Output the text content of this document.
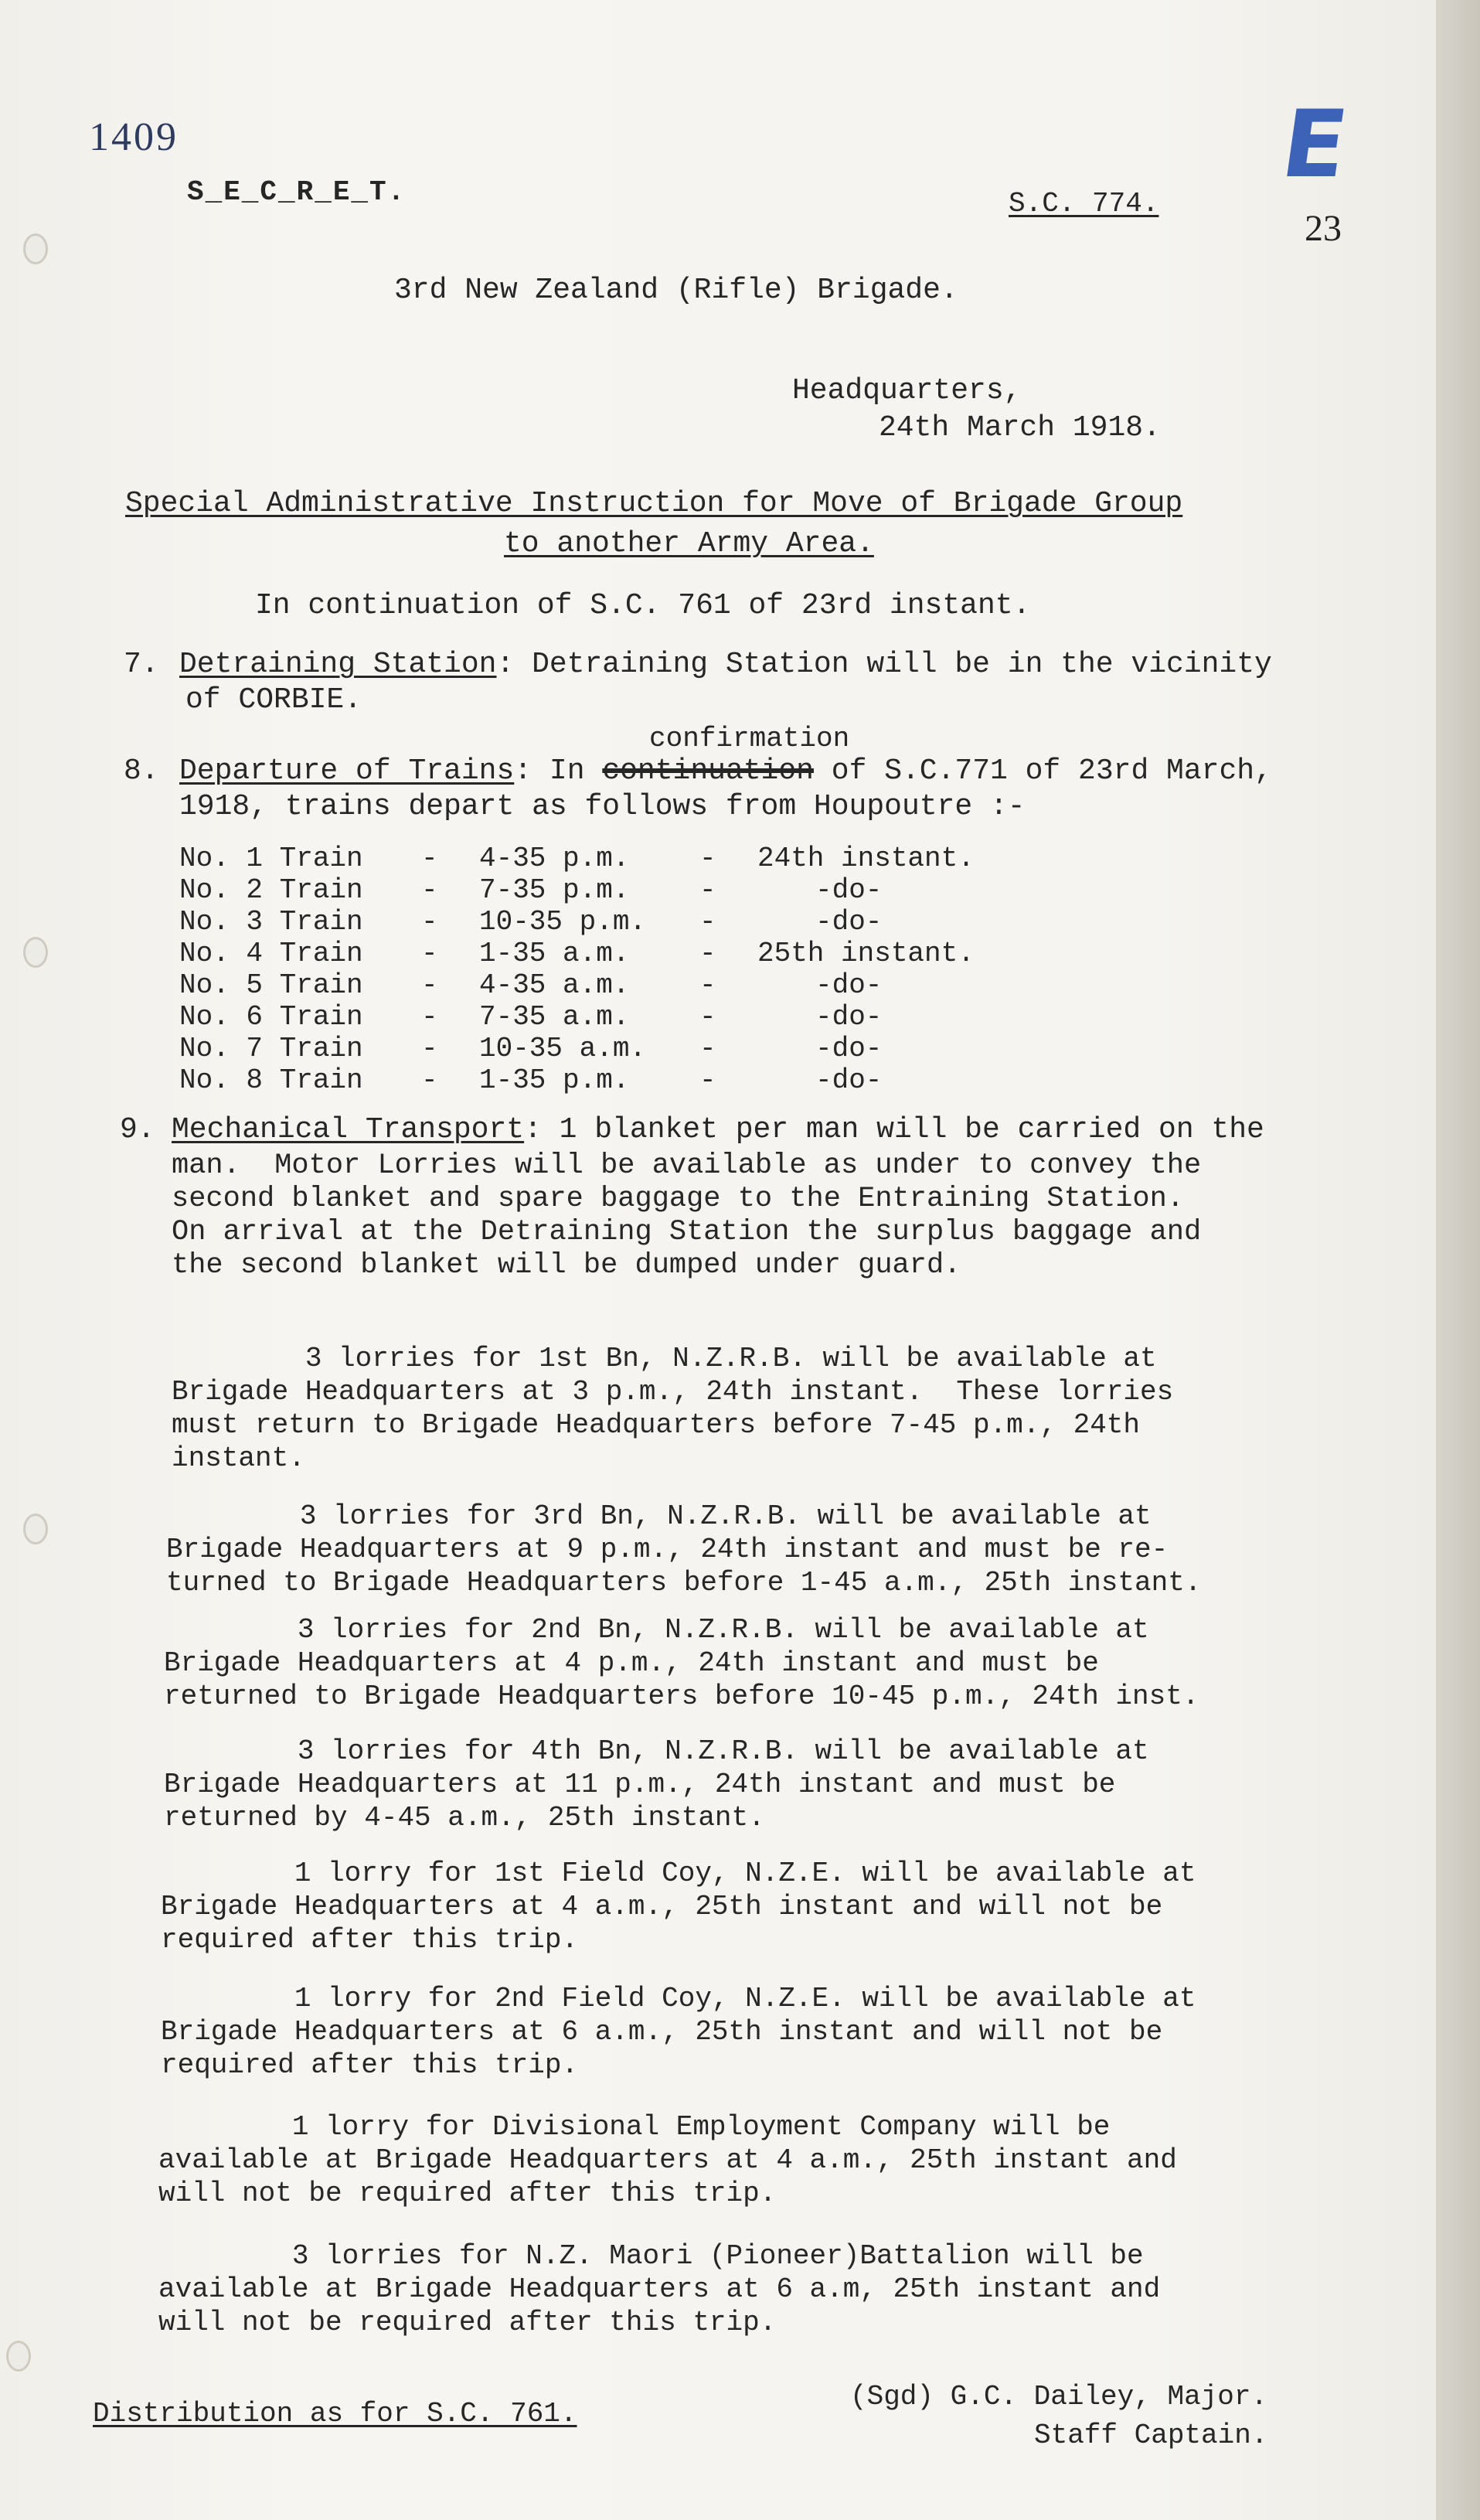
1409
S_E_C_R_E_T.	S.C. 774.
E
23
3rd New Zealand (Rifle) Brigade.
Headquarters,
24th March 1918.
Special Administrative Instruction for Move of Brigade Group
to another Army Area.
In continuation of S.C. 761 of 23rd instant.
7. Detraining Station: Detraining Station will be in the vicinity
of CORBIE.
confirmation
8. Departure of Trains: In continuation of S.C.771 of 23rd March,
1918, trains depart as follows from Houpoutre :-
No. 1 Train - 4-35 p.m.	- 24th instant.
No. 2 Train - 7-35 p.m.	-	-do-
No. 3 Train - 10-35 p.m. -	-do-
No. 4 Train - 1-35 a.m.	- 25th instant.
No. 5 Train - 4-35 a.m.	-	-do-
No. 6 Train - 7-35 a.m.	-	-do-
No. 7 Train - 10-35 a.m. -	-do-
No. 8 Train - 1-35 p.m.	-	-do-
9. Mechanical Transport: 1 blanket per man will be carried on the
man.  Motor Lorries will be available as under to convey the
second blanket and spare baggage to the Entraining Station.
On arrival at the Detraining Station the surplus baggage and
the second blanket will be dumped under guard.
3 lorries for 1st Bn, N.Z.R.B. will be available at
Brigade Headquarters at 3 p.m., 24th instant.  These lorries
must return to Brigade Headquarters before 7-45 p.m., 24th
instant.
3 lorries for 3rd Bn, N.Z.R.B. will be available at
Brigade Headquarters at 9 p.m., 24th instant and must be re-
turned to Brigade Headquarters before 1-45 a.m., 25th instant.
3 lorries for 2nd Bn, N.Z.R.B. will be available at
Brigade Headquarters at 4 p.m., 24th instant and must be
returned to Brigade Headquarters before 10-45 p.m., 24th inst.
3 lorries for 4th Bn, N.Z.R.B. will be available at
Brigade Headquarters at 11 p.m., 24th instant and must be
returned by 4-45 a.m., 25th instant.
1 lorry for 1st Field Coy, N.Z.E. will be available at
Brigade Headquarters at 4 a.m., 25th instant and will not be
required after this trip.
1 lorry for 2nd Field Coy, N.Z.E. will be available at
Brigade Headquarters at 6 a.m., 25th instant and will not be
required after this trip.
1 lorry for Divisional Employment Company will be
available at Brigade Headquarters at 4 a.m., 25th instant and
will not be required after this trip.
3 lorries for N.Z. Maori (Pioneer)Battalion will be
available at Brigade Headquarters at 6 a.m, 25th instant and
will not be required after this trip.
(Sgd) G.C. Dailey, Major.
Staff Captain.
Distribution as for S.C. 761.
